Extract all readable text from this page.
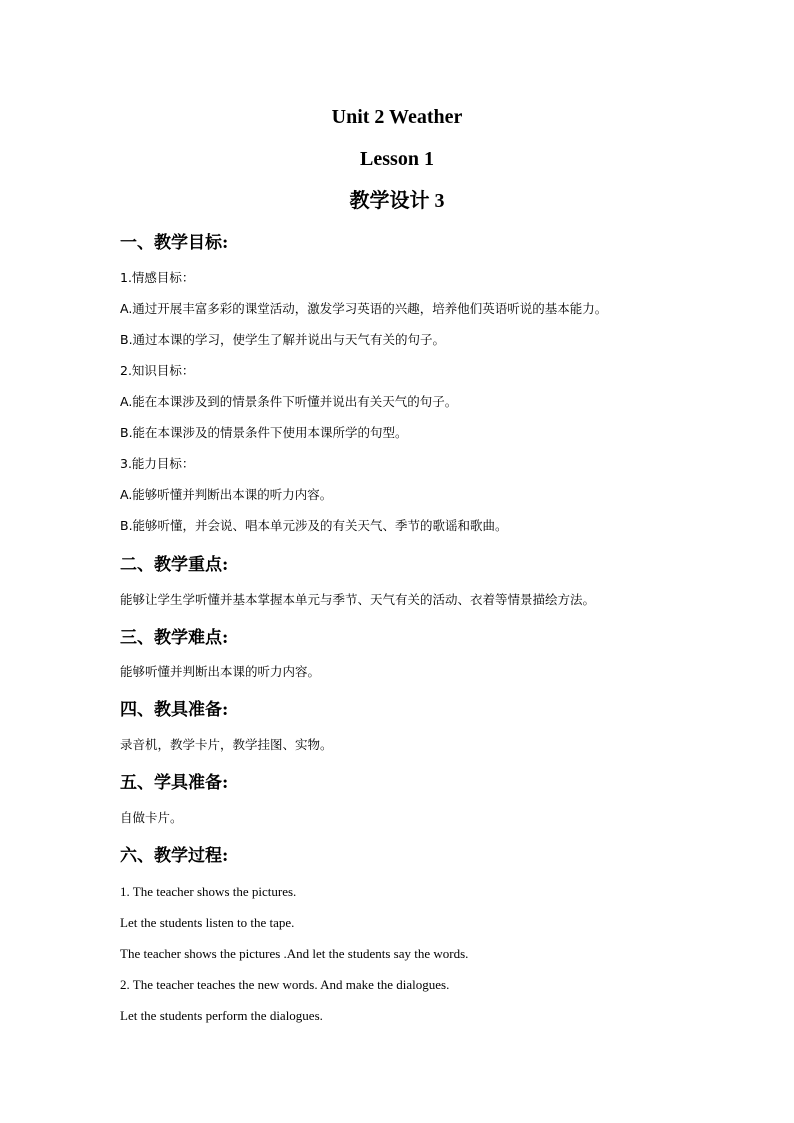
Unit 2 Weather
Lesson 1
教学设计 3
一、教学目标:
1.情感目标：
A.通过开展丰富多彩的课堂活动，激发学习英语的兴趣，培养他们英语听说的基本能力。
B.通过本课的学习，使学生了解并说出与天气有关的句子。
2.知识目标：
A.能在本课涉及到的情景条件下听懂并说出有关天气的句子。
B.能在本课涉及的情景条件下使用本课所学的句型。
3.能力目标：
A.能够听懂并判断出本课的听力内容。
B.能够听懂，并会说、唱本单元涉及的有关天气、季节的歌谣和歌曲。
二、教学重点:
能够让学生学听懂并基本掌握本单元与季节、天气有关的活动、衣着等情景描绘方法。
三、教学难点:
能够听懂并判断出本课的听力内容。
四、教具准备:
录音机，教学卡片，教学挂图、实物。
五、学具准备:
自做卡片。
六、教学过程:
1. The teacher shows the pictures.
Let the students listen to the tape.
The teacher shows the pictures .And let the students say the words.
2. The teacher teaches the new words. And make the dialogues.
Let the students perform the dialogues.
